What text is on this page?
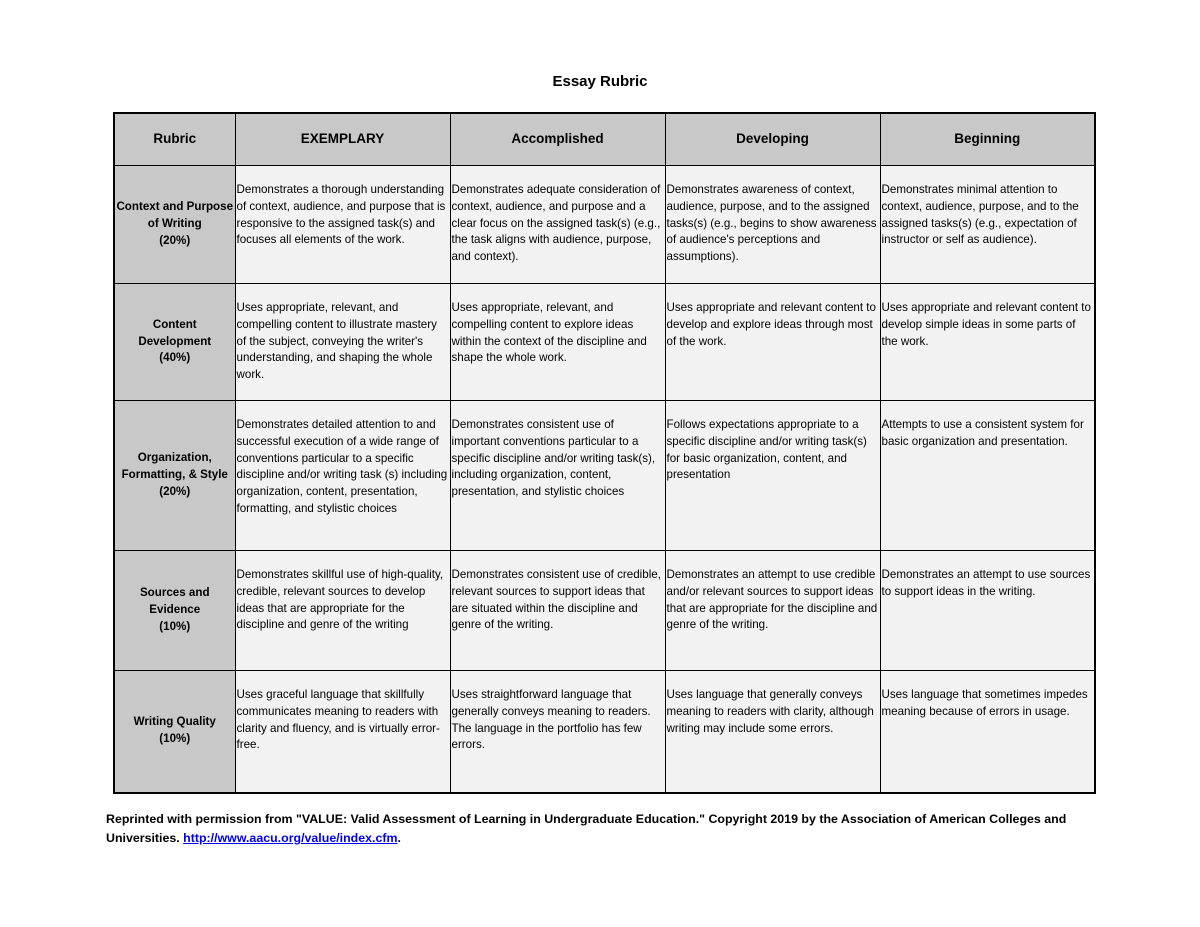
Essay Rubric
Rubric	EXEMPLARY	Accomplished	Developing	Beginning

Context and Purpose of Writing
(20%)	Demonstrates a thorough understanding of context, audience, and purpose that is responsive to the assigned task(s) and focuses all elements of the work.	Demonstrates adequate consideration of context, audience, and purpose and a clear focus on the assigned task(s) (e.g., the task aligns with audience, purpose, and context).	Demonstrates awareness of context, audience, purpose, and to the assigned tasks(s) (e.g., begins to show awareness of audience's perceptions and assumptions).	Demonstrates minimal attention to context, audience, purpose, and to the assigned tasks(s) (e.g., expectation of instructor or self as audience).

Content Development
(40%)	Uses appropriate, relevant, and compelling content to illustrate mastery of the subject, conveying the writer's understanding, and shaping the whole work.	Uses appropriate, relevant, and compelling content to explore ideas within the context of the discipline and shape the whole work.	Uses appropriate and relevant content to develop and explore ideas through most of the work.	Uses appropriate and relevant content to develop simple ideas in some parts of the work.

Organization, Formatting, & Style
(20%)	Demonstrates detailed attention to and successful execution of a wide range of conventions particular to a specific discipline and/or writing task (s) including organization, content, presentation, formatting, and stylistic choices	Demonstrates consistent use of important conventions particular to a specific discipline and/or writing task(s), including organization, content, presentation, and stylistic choices	Follows expectations appropriate to a specific discipline and/or writing task(s) for basic organization, content, and presentation	Attempts to use a consistent system for basic organization and presentation.

Sources and Evidence
(10%)	Demonstrates skillful use of high-quality, credible, relevant sources to develop ideas that are appropriate for the discipline and genre of the writing	Demonstrates consistent use of credible, relevant sources to support ideas that are situated within the discipline and genre of the writing.	Demonstrates an attempt to use credible and/or relevant sources to support ideas that are appropriate for the discipline and genre of the writing.	Demonstrates an attempt to use sources to support ideas in the writing.

Writing Quality
(10%)	Uses graceful language that skillfully communicates meaning to readers with clarity and fluency, and is virtually error- free.	Uses straightforward language that generally conveys meaning to readers. The language in the portfolio has few errors.	Uses language that generally conveys meaning to readers with clarity, although writing may include some errors.	Uses language that sometimes impedes meaning because of errors in usage.
Reprinted with permission from "VALUE: Valid Assessment of Learning in Undergraduate Education." Copyright 2019 by the Association of American Colleges and Universities. http://www.aacu.org/value/index.cfm.
